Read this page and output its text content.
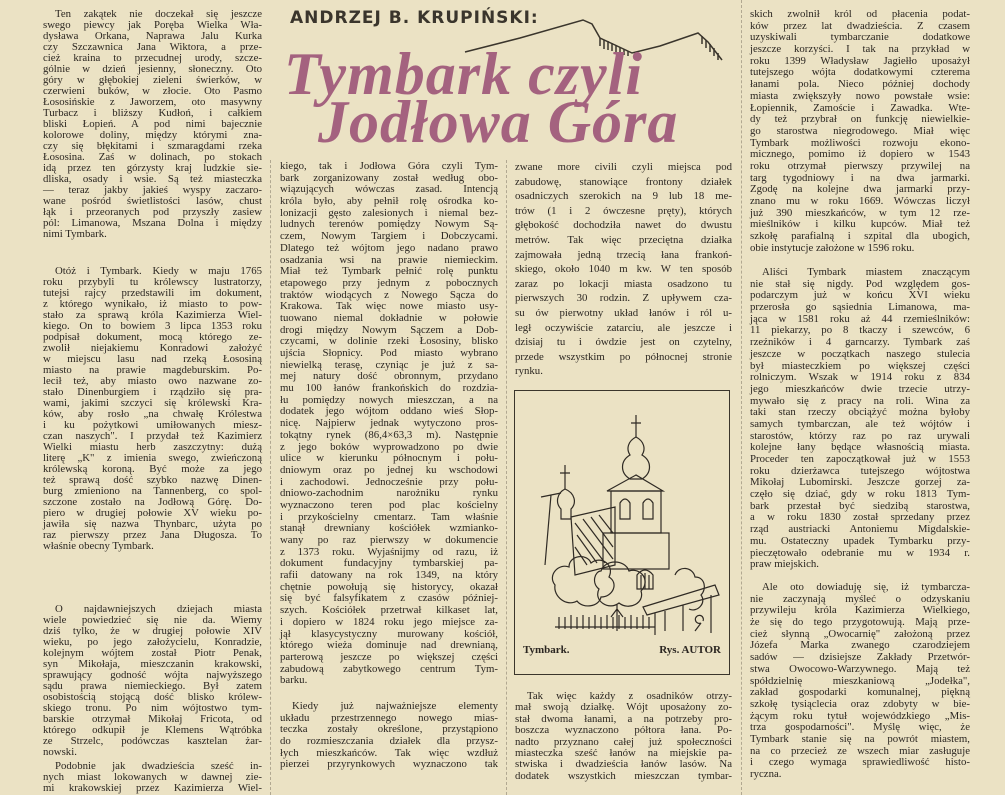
ANDRZEJ B. KRUPIŃSKI:
Tymbark czyli
Jodłowa Góra
Ten zakątek nie doczekał się jeszcze
swego piewcy jak Poręba Wielka Wła-
dysława Orkana, Naprawa Jalu Kurka
czy Szczawnica Jana Wiktora, a prze-
cież kraina to przecudnej urody, szcze-
gólnie w dzień jesienny, słoneczny. Oto
góry w głębokiej zieleni świerków, w
czerwieni buków, w złocie. Oto Pasmo
Łososińskie z Jaworzem, oto masywny
Turbacz i bliższy Kudłoń, i całkiem
bliski Łopień. A pod nimi bajecznie
kolorowe doliny, między którymi zna-
czy się błękitami i szmaragdami rzeka
Łososina. Zaś w dolinach, po stokach
idą przez ten górzysty kraj ludzkie sie-
dliska, osady i wsie. Są też miasteczka
— teraz jakby jakieś wyspy zaczaro-
wane pośród świetlistości lasów, chust
łąk i przeoranych pod przyszły zasiew
pól: Limanowa, Mszana Dolna i między
nimi Tymbark.
Otóż i Tymbark. Kiedy w maju 1765
roku przybyli tu królewscy lustratorzy,
tutejsi rajcy przedstawili im dokument,
z którego wynikało, iż miasto to pow-
stało za sprawą króla Kazimierza Wiel-
kiego. On to bowiem 3 lipca 1353 roku
podpisał dokument, mocą którego ze-
zwolił niejakiemu Konradowi założyć
w miejscu lasu nad rzeką Łososiną
miasto na prawie magdeburskim. Po-
lecił też, aby miasto owo nazwane zo-
stało Dinenburgiem i rządziło się pra-
wami, jakimi szczyci się królewski Kra-
ków, aby rosło „na chwałę Królestwa
i ku pożytkowi umiłowanych miesz-
czan naszych". I przydał też Kazimierz
Wielki miastu herb zaszczytny: dużą
literę „K" z imienia swego, zwieńczoną
królewską koroną. Być może za jego
też sprawą dość szybko nazwę Dinen-
burg zmieniono na Tannenberg, co spol-
szczone zostało na Jodłową Górę. Do-
piero w drugiej połowie XV wieku po-
jawiła się nazwa Thynbarc, użyta po
raz pierwszy przez Jana Długosza. To
właśnie obecny Tymbark.
O najdawniejszych dziejach miasta
wiele powiedzieć się nie da. Wiemy
dziś tylko, że w drugiej połowie XIV
wieku, po jego założycielu, Konradzie,
kolejnym wójtem został Piotr Penak,
syn Mikołaja, mieszczanin krakowski,
sprawujący godność wójta najwyższego
sądu prawa niemieckiego. Był zatem
osobistością stojącą dość blisko królew-
skiego tronu. Po nim wójtostwo tym-
barskie otrzymał Mikołaj Fricota, od
którego odkupił je Klemens Wątróbka
ze Strzelc, podówczas kasztelan żar-
nowski.
Podobnie jak dwadzieścia sześć in-
nych miast lokowanych w dawnej zie-
mi krakowskiej przez Kazimierza Wiel-
kiego, tak i Jodłowa Góra czyli Tym-
bark zorganizowany został według obo-
wiązujących wówczas zasad. Intencją
króla było, aby pełnił rolę ośrodka ko-
lonizacji gęsto zalesionych i niemal bez-
ludnych terenów pomiędzy Nowym Są-
czem, Nowym Targiem i Dobczycami.
Dlatego też wójtom jego nadano prawo
osadzania wsi na prawie niemieckim.
Miał też Tymbark pełnić rolę punktu
etapowego przy jednym z pobocznych
traktów wiodących z Nowego Sącza do
Krakowa. Tak więc nowe miasto usy-
tuowano niemal dokładnie w połowie
drogi między Nowym Sączem a Dob-
czycami, w dolinie rzeki Łososiny, blisko
ujścia Słopnicy. Pod miasto wybrano
niewielką terasę, czyniąc je już z sa-
mej natury dość obronnym, przydano
mu 100 łanów frankońskich do rozdzia-
łu pomiędzy nowych mieszczan, a na
dodatek jego wójtom oddano wieś Słop-
nicę. Najpierw jednak wytyczono pros-
tokątny rynek (86,4×63,3 m). Następnie
z jego boków wyprowadzono po dwie
ulice w kierunku północnym i połu-
dniowym oraz po jednej ku wschodowi
i zachodowi. Jednocześnie przy połu-
dniowo-zachodnim narożniku rynku
wyznaczono teren pod plac kościelny
i przykościelny cmentarz. Tam właśnie
stanął drewniany kościółek wzmianko-
wany po raz pierwszy w dokumencie
z 1373 roku. Wyjaśnijmy od razu, iż
dokument fundacyjny tymbarskiej pa-
rafii datowany na rok 1349, na który
chętnie powołują się historycy, okazał
się być falsyfikatem z czasów później-
szych. Kościółek przetrwał kilkaset lat,
i dopiero w 1824 roku jego miejsce za-
jął klasycystyczny murowany kościół,
którego wieża dominuje nad drewnianą,
parterową jeszcze po większej części
zabudową zabytkowego centrum Tym-
barku.
Kiedy już najważniejsze elementy
układu przestrzennego nowego mias-
teczka zostały określone, przystąpiono
do rozmieszczania działek dla przysz-
łych mieszkańców. Tak więc wzdłuż
pierzei przyrynkowych wyznaczono tak
zwane more civili czyli miejsca pod
zabudowę, stanowiące frontony działek
osadniczych szerokich na 9 lub 18 me-
trów (1 i 2 ówczesne pręty), których
głębokość dochodziła nawet do dwustu
metrów. Tak więc przeciętna działka
zajmowała jedną trzecią łana frankoń-
skiego, około 1040 m kw. W ten sposób
zaraz po lokacji miasta osadzono tu
pierwszych 30 rodzin. Z upływem cza-
su ów pierwotny układ łanów i ról u-
legł oczywiście zatarciu, ale jeszcze i
dzisiaj tu i ówdzie jest on czytelny,
przede wszystkim po północnej stronie
rynku.
Tak więc każdy z osadników otrzy-
mał swoją działkę. Wójt uposażony zo-
stał dwoma łanami, a na potrzeby pro-
boszcza wyznaczono półtora łana. Po-
nadto przyznano całej już społeczności
miasteczka sześć łanów na miejskie pa-
stwiska i dwadzieścia łanów lasów. Na
dodatek wszystkich mieszczan tymbar-
skich zwolnił król od płacenia podat-
ków przez lat dwadzieścia. Z czasem
uzyskiwali tymbarczanie dodatkowe
jeszcze korzyści. I tak na przykład w
roku 1399 Władysław Jagiełło uposażył
tutejszego wójta dodatkowymi czterema
łanami pola. Nieco później dochody
miasta zwiększyły nowo powstałe wsie:
Łopiennik, Zamoście i Zawadka. Wte-
dy też przybrał on funkcję niewielkie-
go starostwa niegrodowego. Miał więc
Tymbark możliwości rozwoju ekono-
micznego, pomimo iż dopiero w 1543
roku otrzymał pierwszy przywilej na
targ tygodniowy i na dwa jarmarki.
Zgodę na kolejne dwa jarmarki przy-
znano mu w roku 1669. Wówczas liczył
już 390 mieszkańców, w tym 12 rze-
mieślników i kilku kupców. Miał też
szkołę parafialną i szpital dla ubogich,
obie instytucje założone w 1596 roku.
Aliści Tymbark miastem znaczącym
nie stał się nigdy. Pod względem gos-
podarczym już w końcu XVI wieku
przerosła go sąsiednia Limanowa, ma-
jąca w 1581 roku aż 44 rzemieślników:
11 piekarzy, po 8 tkaczy i szewców, 6
rzeźników i 4 garncarzy. Tymbark zaś
jeszcze w początkach naszego stulecia
był miasteczkiem po większej części
rolniczym. Wszak w 1914 roku z 834
jego mieszkańców dwie trzecie utrzy-
mywało się z pracy na roli. Wina za
taki stan rzeczy obciążyć można byłoby
samych tymbarczan, ale też wójtów i
starostów, którzy raz po raz urywali
kolejne łany będące własnością miasta.
Proceder ten zapoczątkował już w 1553
roku dzierżawca tutejszego wójtostwa
Mikołaj Lubomirski. Jeszcze gorzej za-
częło się dziać, gdy w roku 1813 Tym-
bark przestał być siedzibą starostwa,
a w roku 1830 został sprzedany przez
rząd austriacki Antoniemu Migdalskie-
mu. Ostateczny upadek Tymbarku przy-
pieczętowało odebranie mu w 1934 r.
praw miejskich.
Ale oto dowiaduję się, iż tymbarcza-
nie zaczynają myśleć o odzyskaniu
przywileju króla Kazimierza Wielkiego,
że się do tego przygotowują. Mają prze-
cież słynną „Owocarnię" założoną przez
Józefa Marka zwanego czarodziejem
sadów — dzisiejsze Zakłady Przetwór-
stwa Owocowo-Warzywnego. Mają też
spółdzielnię mieszkaniową „Jodełka",
zakład gospodarki komunalnej, piękną
szkołę tysiąclecia oraz zdobyty w bie-
żącym roku tytuł wojewódzkiego „Mis-
trza gospodarności". Myślę więc, że
Tymbark stanie się na powrót miastem,
na co przecież ze wszech miar zasługuje
i czego wymaga sprawiedliwość histo-
ryczna.
Tymbark.	Rys. AUTOR
